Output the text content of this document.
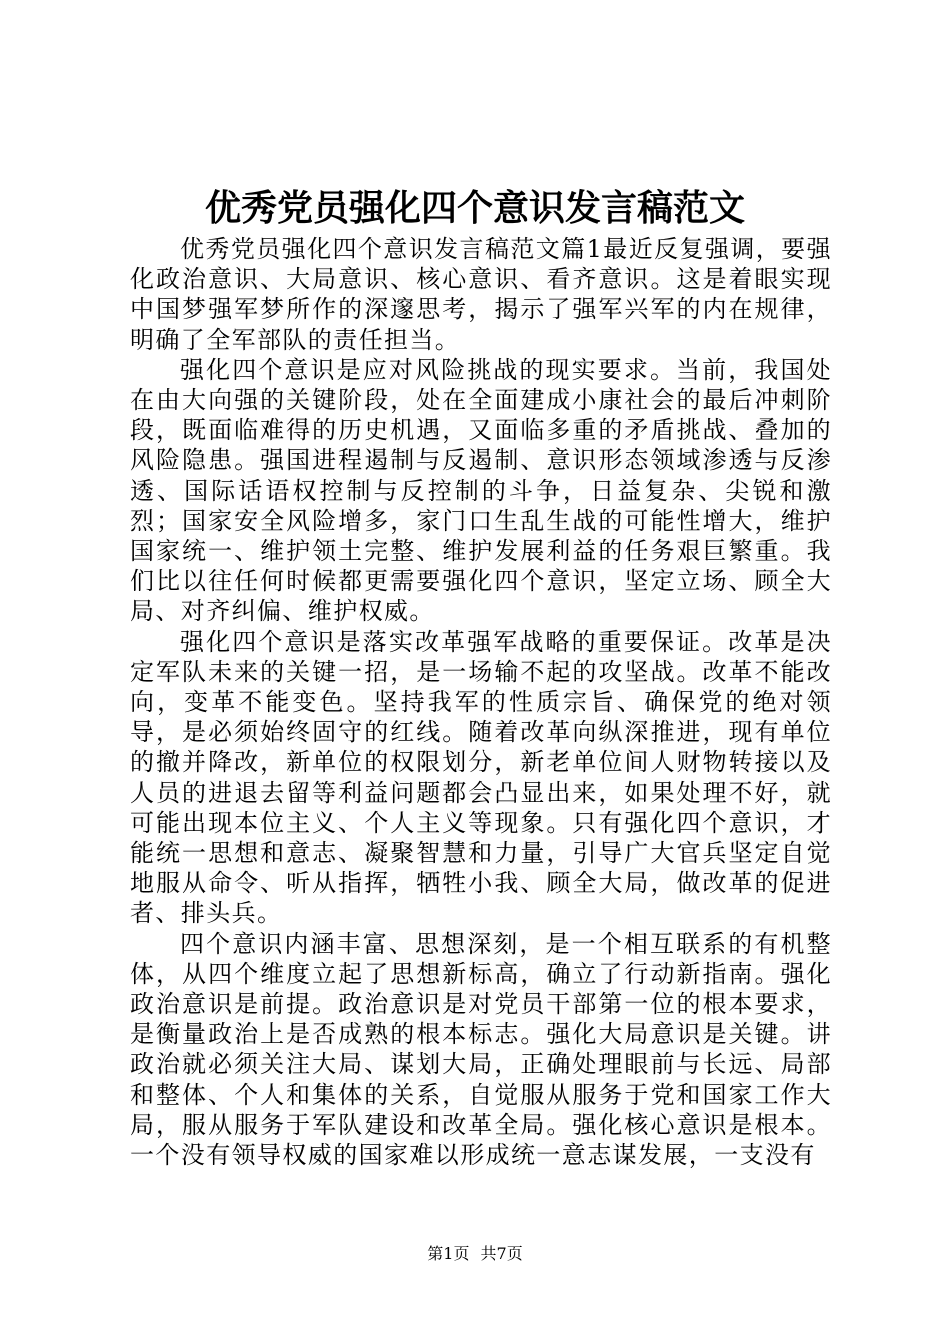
优秀党员强化四个意识发言稿范文

优秀党员强化四个意识发言稿范文篇1最近反复强调，要强化政治意识、大局意识、核心意识、看齐意识。这是着眼实现中国梦强军梦所作的深邃思考，揭示了强军兴军的内在规律，明确了全军部队的责任担当。

强化四个意识是应对风险挑战的现实要求。当前，我国处在由大向强的关键阶段，处在全面建成小康社会的最后冲刺阶段，既面临难得的历史机遇，又面临多重的矛盾挑战、叠加的风险隐患。强国进程遏制与反遏制、意识形态领域渗透与反渗透、国际话语权控制与反控制的斗争，日益复杂、尖锐和激烈；国家安全风险增多，家门口生乱生战的可能性增大，维护国家统一、维护领土完整、维护发展利益的任务艰巨繁重。我们比以往任何时候都更需要强化四个意识，坚定立场、顾全大局、对齐纠偏、维护权威。

强化四个意识是落实改革强军战略的重要保证。改革是决定军队未来的关键一招，是一场输不起的攻坚战。改革不能改向，变革不能变色。坚持我军的性质宗旨、确保党的绝对领导，是必须始终固守的红线。随着改革向纵深推进，现有单位的撤并降改，新单位的权限划分，新老单位间人财物转接以及人员的进退去留等利益问题都会凸显出来，如果处理不好，就可能出现本位主义、个人主义等现象。只有强化四个意识，才能统一思想和意志、凝聚智慧和力量，引导广大官兵坚定自觉地服从命令、听从指挥，牺牲小我、顾全大局，做改革的促进者、排头兵。

四个意识内涵丰富、思想深刻，是一个相互联系的有机整体，从四个维度立起了思想新标高，确立了行动新指南。强化政治意识是前提。政治意识是对党员干部第一位的根本要求，是衡量政治上是否成熟的根本标志。强化大局意识是关键。讲政治就必须关注大局、谋划大局，正确处理眼前与长远、局部和整体、个人和集体的关系，自觉服从服务于党和国家工作大局，服从服务于军队建设和改革全局。强化核心意识是根本。一个没有领导权威的国家难以形成统一意志谋发展，一支没有

第1页 共7页
